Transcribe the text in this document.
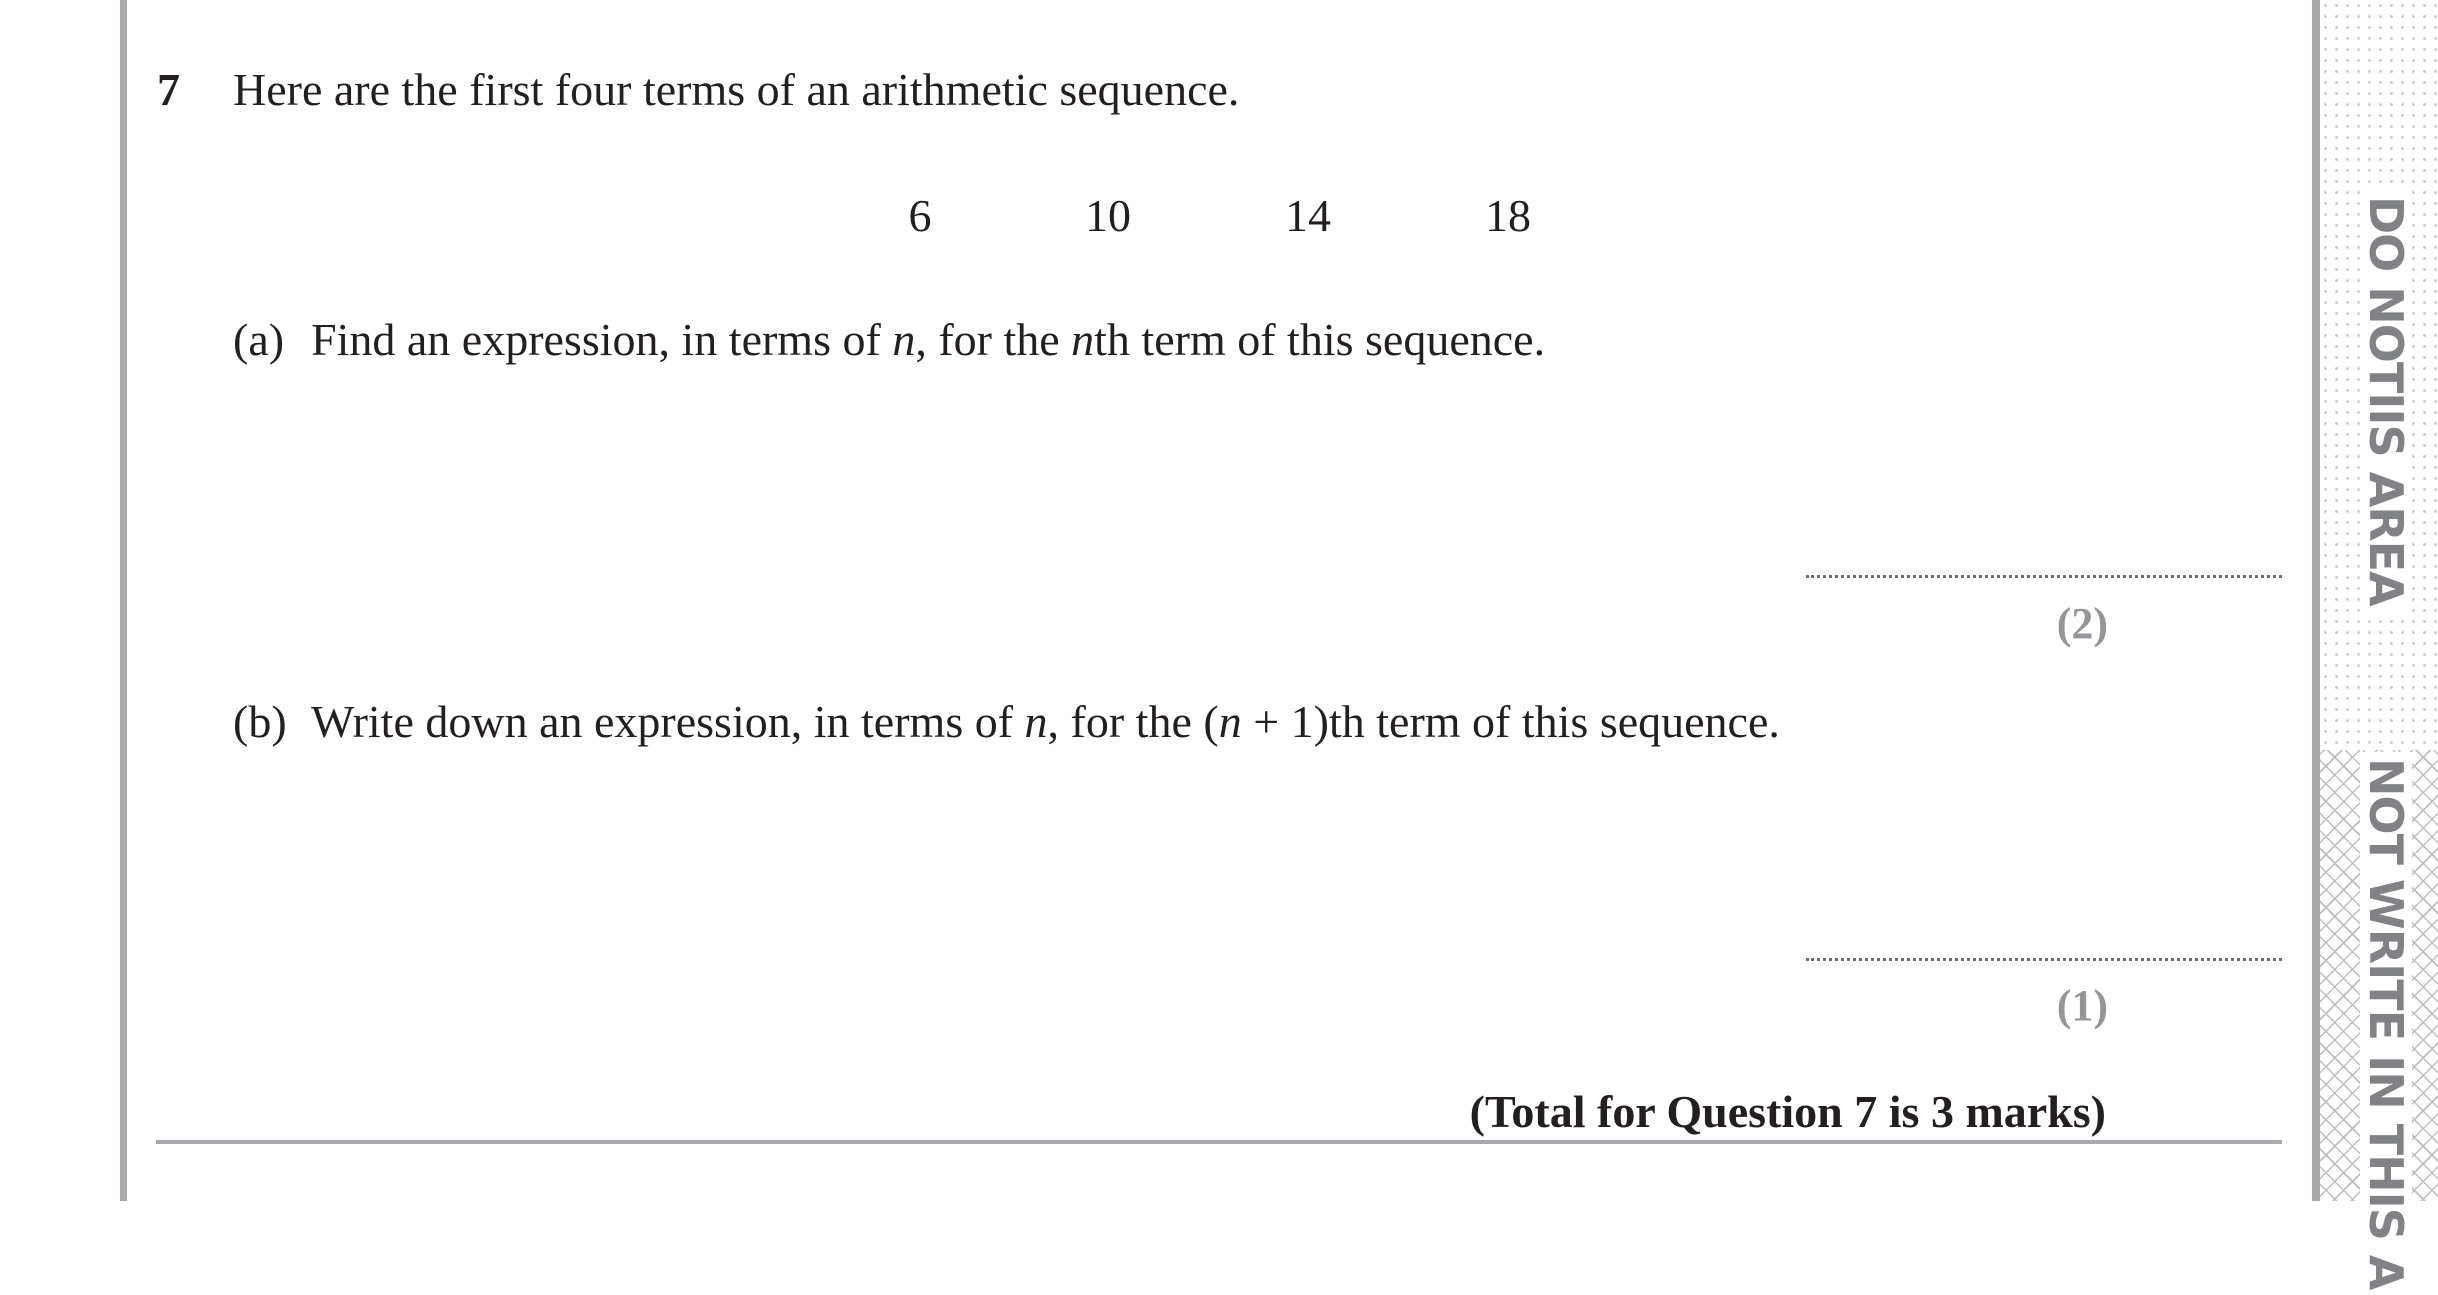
7 Here are the first four terms of an arithmetic sequence.
6	10	14	18
(a) Find an expression, in terms of n, for the nth term of this sequence.
(2)
(b) Write down an expression, in terms of n, for the (n + 1)th term of this sequence.
(1)
(Total for Question 7 is 3 marks)
DO NOTIIS AREA
NOT WRITE IN THIS A
